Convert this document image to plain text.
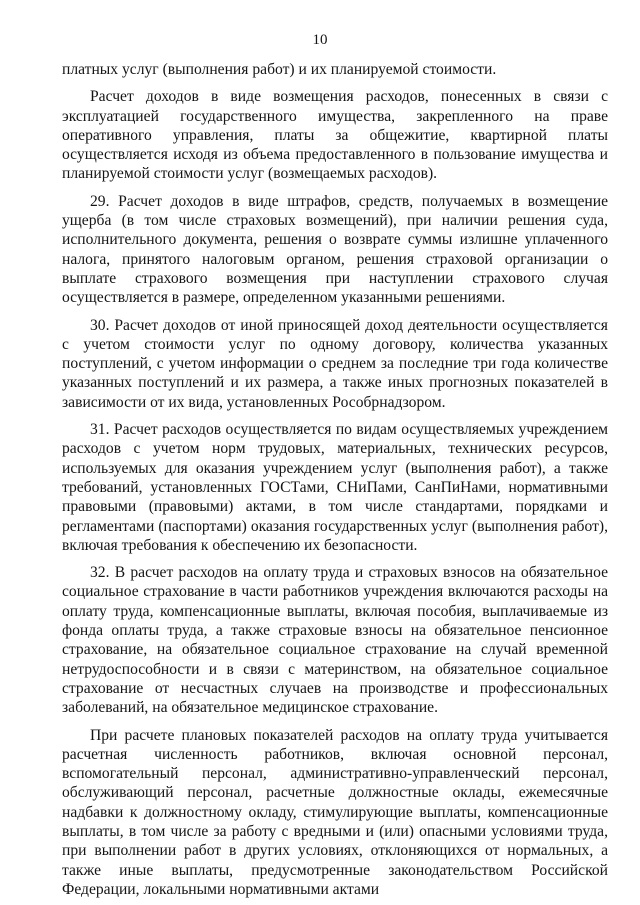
10

платных услуг (выполнения работ) и их планируемой стоимости.

Расчет доходов в виде возмещения расходов, понесенных в связи с эксплуатацией государственного имущества, закрепленного на праве оперативного управления, платы за общежитие, квартирной платы осуществляется исходя из объема предоставленного в пользование имущества и планируемой стоимости услуг (возмещаемых расходов).

29. Расчет доходов в виде штрафов, средств, получаемых в возмещение ущерба (в том числе страховых возмещений), при наличии решения суда, исполнительного документа, решения о возврате суммы излишне уплаченного налога, принятого налоговым органом, решения страховой организации о выплате страхового возмещения при наступлении страхового случая осуществляется в размере, определенном указанными решениями.

30. Расчет доходов от иной приносящей доход деятельности осуществляется с учетом стоимости услуг по одному договору, количества указанных поступлений, с учетом информации о среднем за последние три года количестве указанных поступлений и их размера, а также иных прогнозных показателей в зависимости от их вида, установленных Рособрнадзором.

31. Расчет расходов осуществляется по видам осуществляемых учреждением расходов с учетом норм трудовых, материальных, технических ресурсов, используемых для оказания учреждением услуг (выполнения работ), а также требований, установленных ГОСТами, СНиПами, СанПиНами, нормативными правовыми (правовыми) актами, в том числе стандартами, порядками и регламентами (паспортами) оказания государственных услуг (выполнения работ), включая требования к обеспечению их безопасности.

32. В расчет расходов на оплату труда и страховых взносов на обязательное социальное страхование в части работников учреждения включаются расходы на оплату труда, компенсационные выплаты, включая пособия, выплачиваемые из фонда оплаты труда, а также страховые взносы на обязательное пенсионное страхование, на обязательное социальное страхование на случай временной нетрудоспособности и в связи с материнством, на обязательное социальное страхование от несчастных случаев на производстве и профессиональных заболеваний, на обязательное медицинское страхование.

При расчете плановых показателей расходов на оплату труда учитывается расчетная численность работников, включая основной персонал, вспомогательный персонал, административно-управленческий персонал, обслуживающий персонал, расчетные должностные оклады, ежемесячные надбавки к должностному окладу, стимулирующие выплаты, компенсационные выплаты, в том числе за работу с вредными и (или) опасными условиями труда, при выполнении работ в других условиях, отклоняющихся от нормальных, а также иные выплаты, предусмотренные законодательством Российской Федерации, локальными нормативными актами
